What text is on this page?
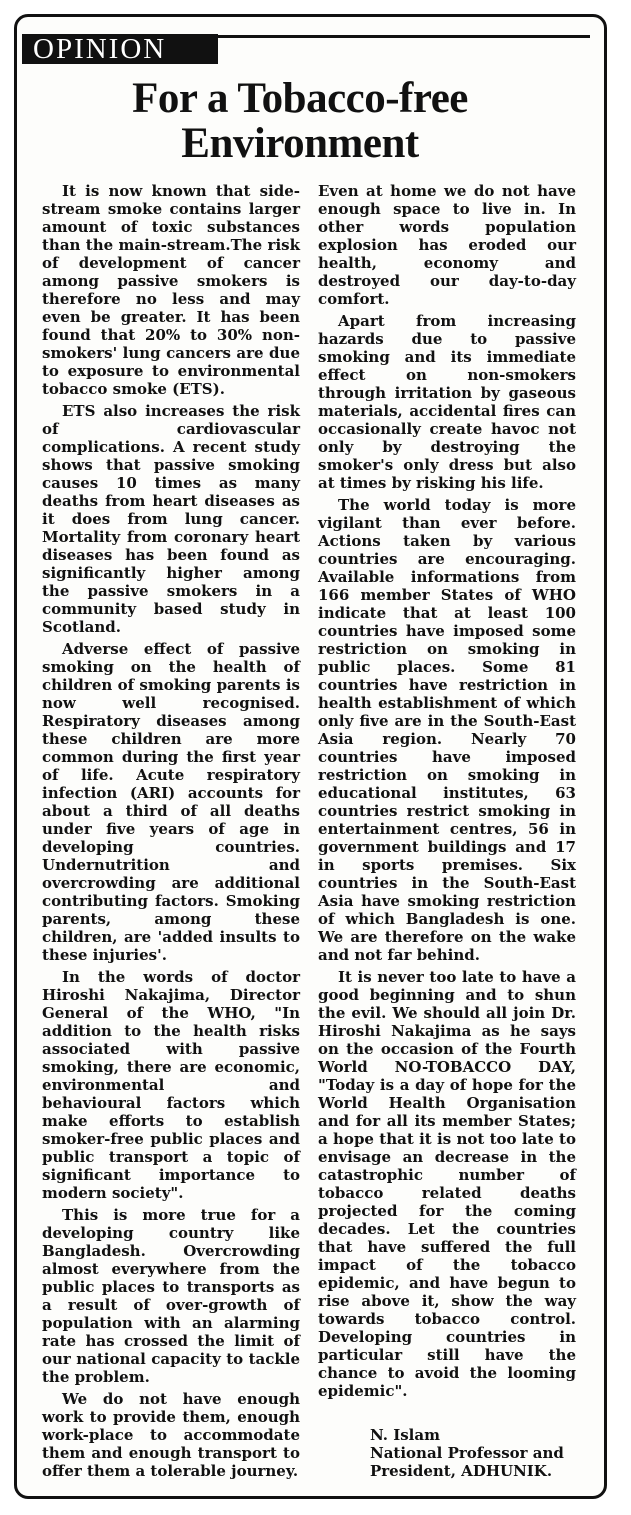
OPINION
For a Tobacco-free
Environment

It is now known that side-stream smoke contains larger amount of toxic substances than the main-stream.The risk of development of cancer among passive smokers is therefore no less and may even be greater. It has been found that 20% to 30% non-smokers' lung cancers are due to exposure to environmental tobacco smoke (ETS).

ETS also increases the risk of cardiovascular complications. A recent study shows that passive smoking causes 10 times as many deaths from heart diseases as it does from lung cancer. Mortality from coronary heart diseases has been found as significantly higher among the passive smokers in a community based study in Scotland.

Adverse effect of passive smoking on the health of children of smoking parents is now well recognised. Respiratory diseases among these children are more common during the first year of life. Acute respiratory infection (ARI) accounts for about a third of all deaths under five years of age in developing countries. Undernutrition and overcrowding are additional contributing factors. Smoking parents, among these children, are 'added insults to these injuries'.

In the words of doctor Hiroshi Nakajima, Director General of the WHO, "In addition to the health risks associated with passive smoking, there are economic, environmental and behavioural factors which make efforts to establish smoker-free public places and public transport a topic of significant importance to modern society".

This is more true for a developing country like Bangladesh. Overcrowding almost everywhere from the public places to transports as a result of over-growth of population with an alarming rate has crossed the limit of our national capacity to tackle the problem.

We do not have enough work to provide them, enough work-place to accommodate them and enough transport to offer them a tolerable journey.

Even at home we do not have enough space to live in. In other words population explosion has eroded our health, economy and destroyed our day-to-day comfort.

Apart from increasing hazards due to passive smoking and its immediate effect on non-smokers through irritation by gaseous materials, accidental fires can occasionally create havoc not only by destroying the smoker's only dress but also at times by risking his life.

The world today is more vigilant than ever before. Actions taken by various countries are encouraging. Available informations from 166 member States of WHO indicate that at least 100 countries have imposed some restriction on smoking in public places. Some 81 countries have restriction in health establishment of which only five are in the South-East Asia region. Nearly 70 countries have imposed restriction on smoking in educational institutes, 63 countries restrict smoking in entertainment centres, 56 in government buildings and 17 in sports premises. Six countries in the South-East Asia have smoking restriction of which Bangladesh is one. We are therefore on the wake and not far behind.

It is never too late to have a good beginning and to shun the evil. We should all join Dr. Hiroshi Nakajima as he says on the occasion of the Fourth World NO-TOBACCO DAY, "Today is a day of hope for the World Health Organisation and for all its member States; a hope that it is not too late to envisage an decrease in the catastrophic number of tobacco related deaths projected for the coming decades. Let the countries that have suffered the full impact of the tobacco epidemic, and have begun to rise above it, show the way towards tobacco control. Developing countries in particular still have the chance to avoid the looming epidemic".

N. Islam
National Professor and
President, ADHUNIK.
